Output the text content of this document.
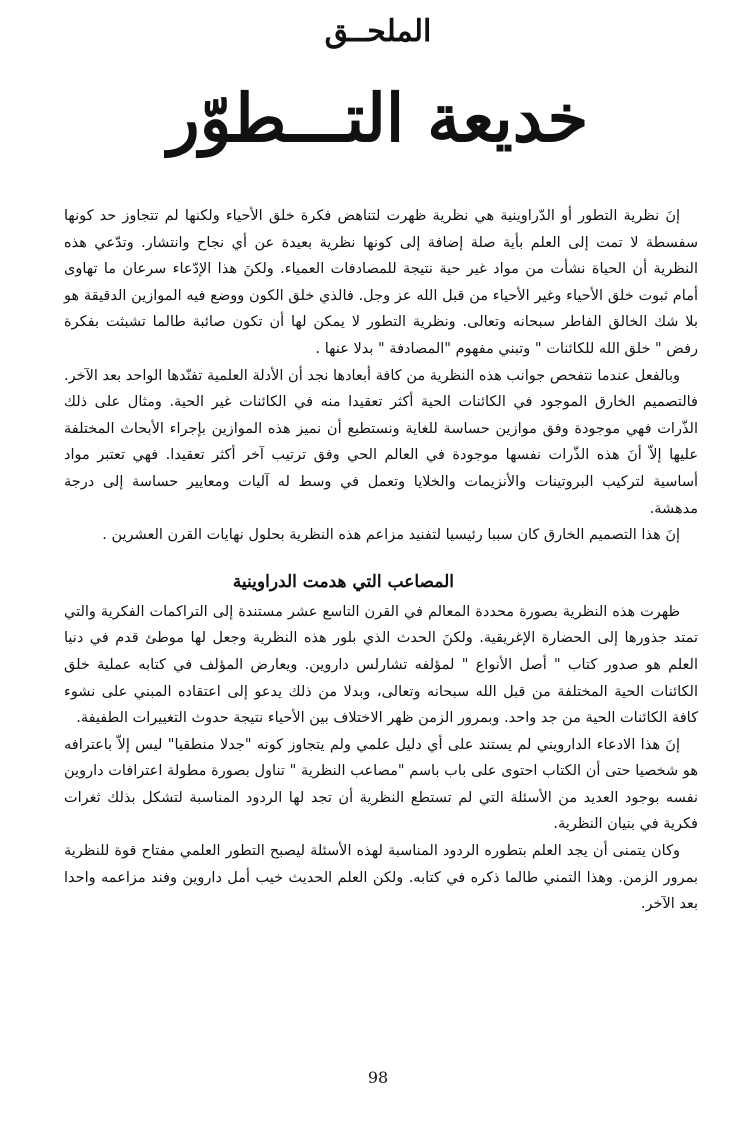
الملحــق
خديعة التـــطوّر

إنَ نظرية التطور أو الدّراوينية هي نظرية ظهرت لتناهض فكرة خلق الأحياء ولكنها لم تتجاوز حد كونها سفسطة لا تمت إلى العلم بأية صلة إضافة إلى كونها نظرية بعيدة عن أي نجاح وانتشار. وتدّعي هذه النظرية أن الحياة نشأت من مواد غير حية نتيجة للمصادفات العمياء. ولكنَ هذا الإدّعاء سرعان ما تهاوى أمام ثبوت خلق الأحياء وغير الأحياء من قبل الله عز وجل. فالذي خلق الكون ووضع فيه الموازين الدقيقة هو بلا شك الخالق الفاطر سبحانه وتعالى. ونظرية التطور لا يمكن لها أن تكون صائبة طالما تشبثت بفكرة رفض " خلق الله للكائنات " وتبني مفهوم "المصادفة " بدلا عنها .

وبالفعل عندما نتفحص جوانب هذه النظرية من كافة أبعادها نجد أن الأدلة العلمية تفنّدها الواحد بعد الآخر. فالتصميم الخارق الموجود في الكائنات الحية أكثر تعقيدا منه في الكائنات غير الحية. ومثال على ذلك الذّرات فهي موجودة وفق موازين حساسة للغاية ونستطيع أن نميز هذه الموازين بإجراء الأبحاث المختلفة عليها إلاّ أنَ هذه الذّرات نفسها موجودة في العالم الحي وفق ترتيب آخر أكثر تعقيدا. فهي تعتبر مواد أساسية لتركيب البروتينات والأنزيمات والخلايا وتعمل في وسط له آليات ومعايير حساسة إلى درجة مدهشة.

إنَ هذا التصميم الخارق كان سببا رئيسيا لتفنيد مزاعم هذه النظرية بحلول نهايات القرن العشرين .

المصاعب التي هدمت الدراوينية

ظهرت هذه النظرية بصورة محددة المعالم في القرن التاسع عشر مستندة إلى التراكمات الفكرية والتي تمتد جذورها إلى الحضارة الإغريقية. ولكنَ الحدث الذي بلور هذه النظرية وجعل لها موطئ قدم في دنيا العلم هو صدور كتاب " أصل الأنواع " لمؤلفه تشارلس داروين. ويعارض المؤلف في كتابه عملية خلق الكائنات الحية المختلفة من قبل الله سبحانه وتعالى، وبدلا من ذلك يدعو إلى اعتقاده المبني على نشوء كافة الكائنات الحية من جد واحد. وبمرور الزمن ظهر الاختلاف بين الأحياء نتيجة حدوث التغييرات الطفيفة.

إنَ هذا الادعاء الدارويني لم يستند على أي دليل علمي ولم يتجاوز كونه "جدلا منطقيا" ليس إلاّ باعترافه هو شخصيا حتى أن الكتاب احتوى على باب باسم "مصاعب النظرية " تناول بصورة مطولة اعترافات داروين نفسه بوجود العديد من الأسئلة التي لم تستطع النظرية أن تجد لها الردود المناسبة لتشكل بذلك ثغرات فكرية في بنيان النظرية.

وكان يتمنى أن يجد العلم بتطوره الردود المناسبة لهذه الأسئلة ليصبح التطور العلمي مفتاح قوة للنظرية بمرور الزمن. وهذا التمني طالما ذكره في كتابه. ولكن العلم الحديث خيب أمل داروين وفند مزاعمه واحدا بعد الآخر.

98
